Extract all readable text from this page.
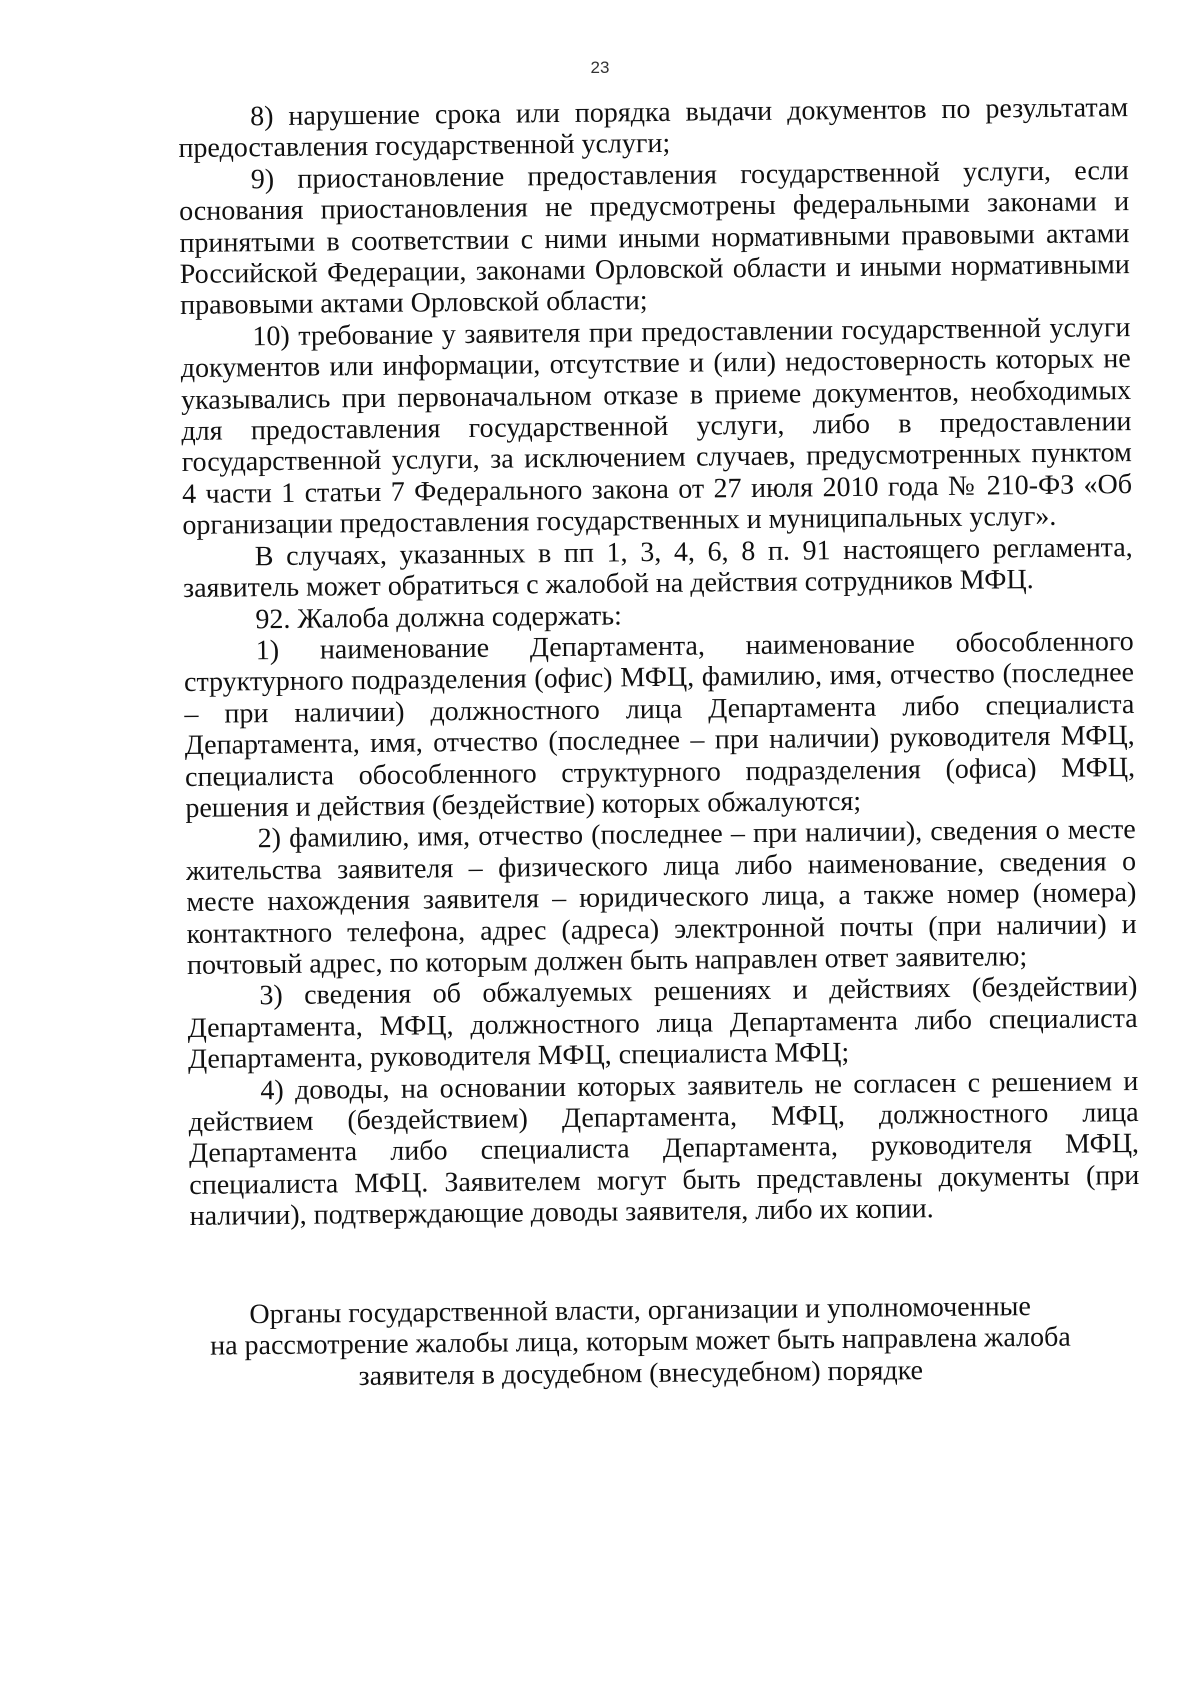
23

8) нарушение срока или порядка выдачи документов по результатам предоставления государственной услуги;

9) приостановление предоставления государственной услуги, если основания приостановления не предусмотрены федеральными законами и принятыми в соответствии с ними иными нормативными правовыми актами Российской Федерации, законами Орловской области и иными нормативными правовыми актами Орловской области;

10) требование у заявителя при предоставлении государственной услуги документов или информации, отсутствие и (или) недостоверность которых не указывались при первоначальном отказе в приеме документов, необходимых для предоставления государственной услуги, либо в предоставлении государственной услуги, за исключением случаев, предусмотренных пунктом 4 части 1 статьи 7 Федерального закона от 27 июля 2010 года № 210-ФЗ «Об организации предоставления государственных и муниципальных услуг».

В случаях, указанных в пп 1, 3, 4, 6, 8 п. 91 настоящего регламента, заявитель может обратиться с жалобой на действия сотрудников МФЦ.

92. Жалоба должна содержать:

1) наименование Департамента, наименование обособленного структурного подразделения (офис) МФЦ, фамилию, имя, отчество (последнее – при наличии) должностного лица Департамента либо специалиста Департамента, имя, отчество (последнее – при наличии) руководителя МФЦ, специалиста обособленного структурного подразделения (офиса) МФЦ, решения и действия (бездействие) которых обжалуются;

2) фамилию, имя, отчество (последнее – при наличии), сведения о месте жительства заявителя – физического лица либо наименование, сведения о месте нахождения заявителя – юридического лица, а также номер (номера) контактного телефона, адрес (адреса) электронной почты (при наличии) и почтовый адрес, по которым должен быть направлен ответ заявителю;

3) сведения об обжалуемых решениях и действиях (бездействии) Департамента, МФЦ, должностного лица Департамента либо специалиста Департамента, руководителя МФЦ, специалиста МФЦ;

4) доводы, на основании которых заявитель не согласен с решением и действием (бездействием) Департамента, МФЦ, должностного лица Департамента либо специалиста Департамента, руководителя МФЦ, специалиста МФЦ. Заявителем могут быть представлены документы (при наличии), подтверждающие доводы заявителя, либо их копии.

Органы государственной власти, организации и уполномоченные
на рассмотрение жалобы лица, которым может быть направлена жалоба
заявителя в досудебном (внесудебном) порядке
